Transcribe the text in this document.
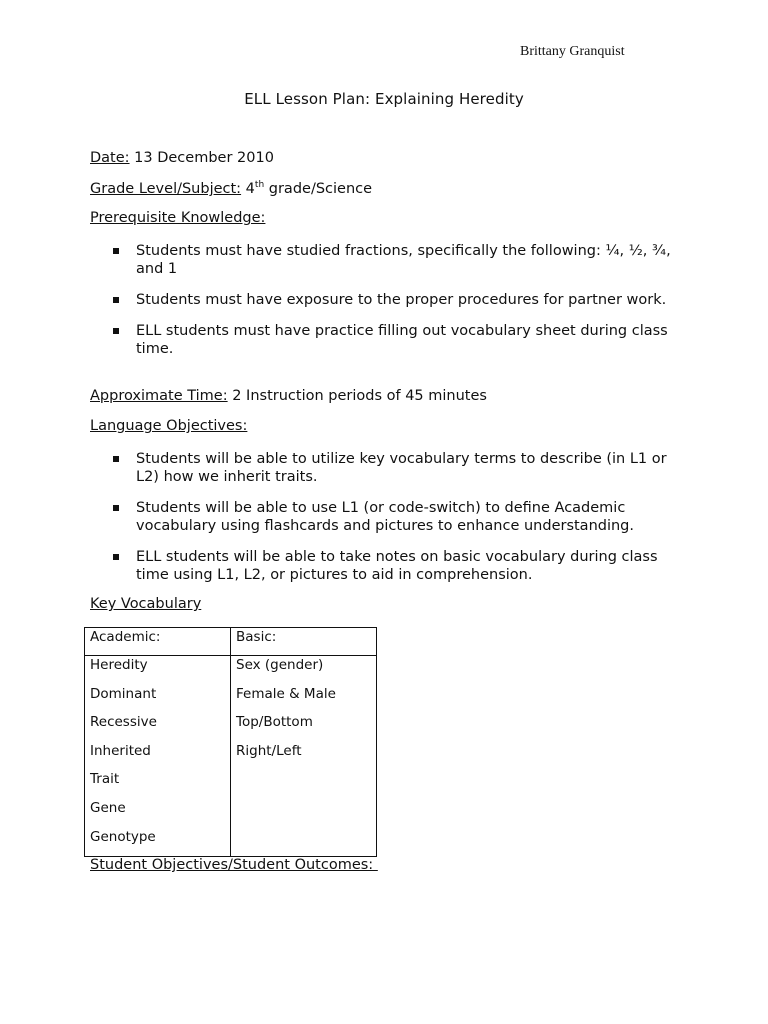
Brittany Granquist
ELL Lesson Plan: Explaining Heredity
Date: 13 December 2010
Grade Level/Subject: 4th grade/Science
Prerequisite Knowledge:
Students must have studied fractions, specifically the following: ¼, ½, ¾, and 1
Students must have exposure to the proper procedures for partner work.
ELL students must have practice filling out vocabulary sheet during class time.
Approximate Time: 2 Instruction periods of 45 minutes
Language Objectives:
Students will be able to utilize key vocabulary terms to describe (in L1 or L2) how we inherit traits.
Students will be able to use L1 (or code-switch) to define Academic vocabulary using flashcards and pictures to enhance understanding.
ELL students will be able to take notes on basic vocabulary during class time using L1, L2, or pictures to aid in comprehension.
Key Vocabulary
Academic:	Basic:
Heredity	Sex (gender)
Dominant	Female & Male
Recessive	Top/Bottom
Inherited	Right/Left
Trait	
Gene	
Genotype	
Student Objectives/Student Outcomes:
